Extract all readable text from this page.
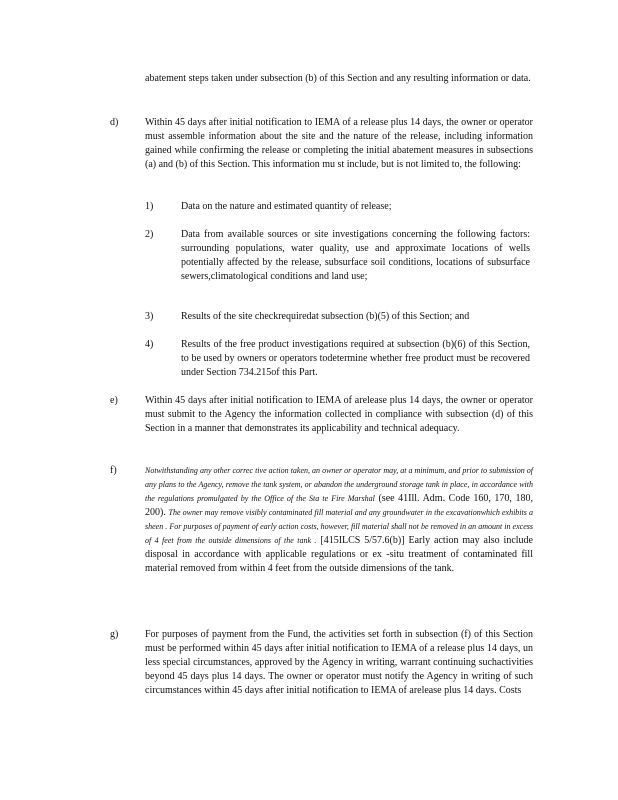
abatement steps taken under subsection (b) of this Section and any resulting information or data.
d)	Within 45 days after initial notification to IEMA of a release plus 14 days, the owner or operator must assemble information about the site and the nature of the release, including information gained while confirming the release or completing the initial abatement measures in subsections (a) and (b) of this Section. This information mu st include, but is not limited to, the following:
1)	Data on the nature and estimated quantity of release;
2)	Data from available sources or site investigations concerning the following factors: surrounding populations, water quality, use and approximate locations of wells potentially affected by the release, subsurface soil conditions, locations of subsurface sewers,climatological conditions and land use;
3)	Results of the site checkrequiredat subsection (b)(5) of this Section; and
4)	Results of the free product investigations required at subsection (b)(6) of this Section, to be used by owners or operators todetermine whether free product must be recovered under Section 734.215of this Part.
e)	Within 45 days after initial notification to IEMA of arelease plus 14 days, the owner or operator must submit to the Agency the information collected in compliance with subsection (d) of this Section in a manner that demonstrates its applicability and technical adequacy.
f)	Notwithstanding any other correc tive action taken, an owner or operator may, at a minimum, and prior to submission of any plans to the Agency, remove the tank system, or abandon the underground storage tank in place, in accordance with the regulations promulgated by the Office of the Sta te Fire Marshal (see 41Ill. Adm. Code 160, 170, 180, 200). The owner may remove visibly contaminated fill material and any groundwater in the excavationwhich exhibits a sheen . For purposes of payment of early action costs, however, fill material shall not be removed in an amount in excess of 4 feet from the outside dimensions of the tank . [415ILCS 5/57.6(b)] Early action may also include disposal in accordance with applicable regulations or ex -situ treatment of contaminated fill material removed from within 4 feet from the outside dimensions of the tank.
g)	For purposes of payment from the Fund, the activities set forth in subsection (f) of this Section must be performed within 45 days after initial notification to IEMA of a release plus 14 days, un less special circumstances, approved by the Agency in writing, warrant continuing suchactivities beyond 45 days plus 14 days. The owner or operator must notify the Agency in writing of such circumstances within 45 days after initial notification to IEMA of arelease plus 14 days. Costs
